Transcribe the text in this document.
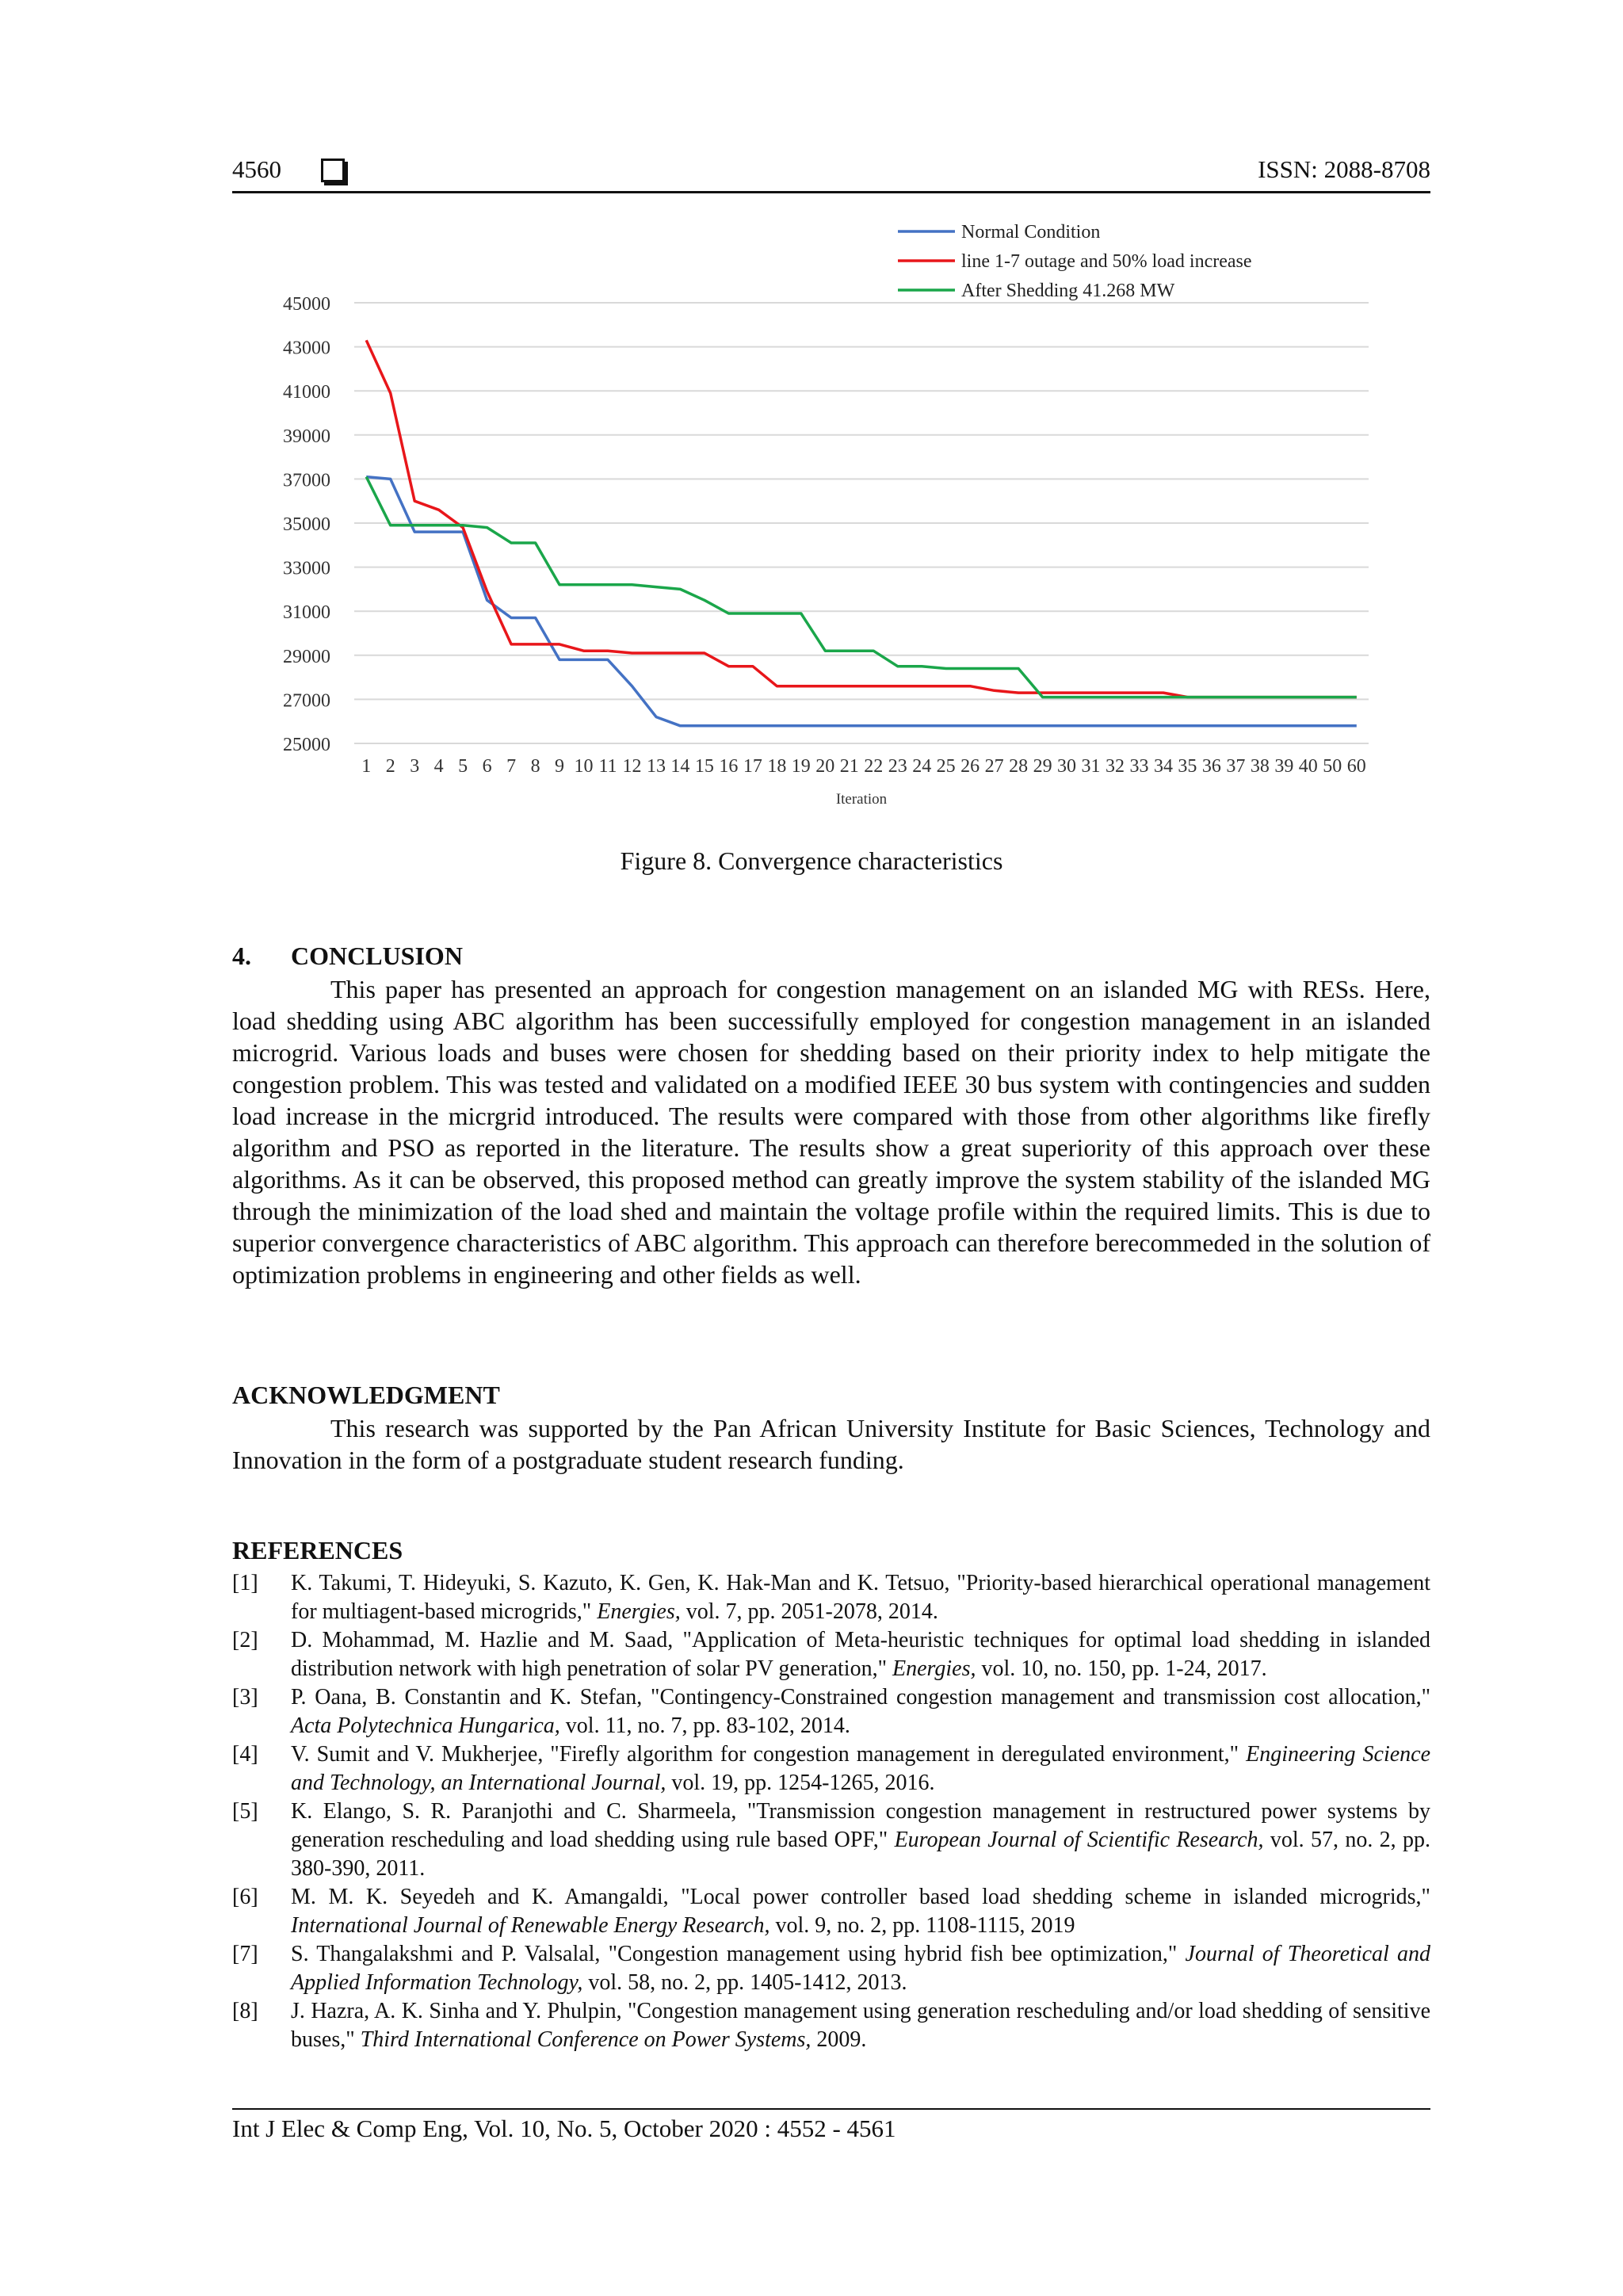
4560	ISSN: 2088-8708
45000
43000
41000
39000
37000
35000
33000
31000
29000
27000
25000
1 2 3 4 5 6 7 8 9 10 11 12 13 14 15 16 17 18 19 20 21 22 23 24 25 26 27 28 29 30 31 32 33 34 35 36 37 38 39 40 50 60
Iteration
Normal Condition
line 1-7 outage and 50% load increase
After Shedding 41.268 MW
Figure 8. Convergence characteristics
4. CONCLUSION

This paper has presented an approach for congestion management on an islanded MG with RESs. Here, load shedding using ABC algorithm has been successifully employed for congestion management in an islanded microgrid. Various loads and buses were chosen for shedding based on their priority index to help mitigate the congestion problem. This was tested and validated on a modified IEEE 30 bus system with contingencies and sudden load increase in the micrgrid introduced. The results were compared with those from other algorithms like firefly algorithm and PSO as reported in the literature. The results show a great superiority of this approach over these algorithms. As it can be observed, this proposed method can greatly improve the system stability of the islanded MG through the minimization of the load shed and maintain the voltage profile within the required limits. This is due to superior convergence characteristics of ABC algorithm. This approach can therefore berecommeded in the solution of optimization problems in engineering and other fields as well.

ACKNOWLEDGMENT

This research was supported by the Pan African University Institute for Basic Sciences, Technology and Innovation in the form of a postgraduate student research funding.

REFERENCES
[1] K. Takumi, T. Hideyuki, S. Kazuto, K. Gen, K. Hak-Man and K. Tetsuo, "Priority-based hierarchical operational management for multiagent-based microgrids," Energies, vol. 7, pp. 2051-2078, 2014.
[2] D. Mohammad, M. Hazlie and M. Saad, "Application of Meta-heuristic techniques for optimal load shedding in islanded distribution network with high penetration of solar PV generation," Energies, vol. 10, no. 150, pp. 1-24, 2017.
[3] P. Oana, B. Constantin and K. Stefan, "Contingency-Constrained congestion management and transmission cost allocation," Acta Polytechnica Hungarica, vol. 11, no. 7, pp. 83-102, 2014.
[4] V. Sumit and V. Mukherjee, "Firefly algorithm for congestion management in deregulated environment," Engineering Science and Technology, an International Journal, vol. 19, pp. 1254-1265, 2016.
[5] K. Elango, S. R. Paranjothi and C. Sharmeela, "Transmission congestion management in restructured power systems by generation rescheduling and load shedding using rule based OPF," European Journal of Scientific Research, vol. 57, no. 2, pp. 380-390, 2011.
[6] M. M. K. Seyedeh and K. Amangaldi, "Local power controller based load shedding scheme in islanded microgrids," International Journal of Renewable Energy Research, vol. 9, no. 2, pp. 1108-1115, 2019
[7] S. Thangalakshmi and P. Valsalal, "Congestion management using hybrid fish bee optimization," Journal of Theoretical and Applied Information Technology, vol. 58, no. 2, pp. 1405-1412, 2013.
[8] J. Hazra, A. K. Sinha and Y. Phulpin, "Congestion management using generation rescheduling and/or load shedding of sensitive buses," Third International Conference on Power Systems, 2009.
Int J Elec & Comp Eng, Vol. 10, No. 5, October 2020 : 4552 - 4561
